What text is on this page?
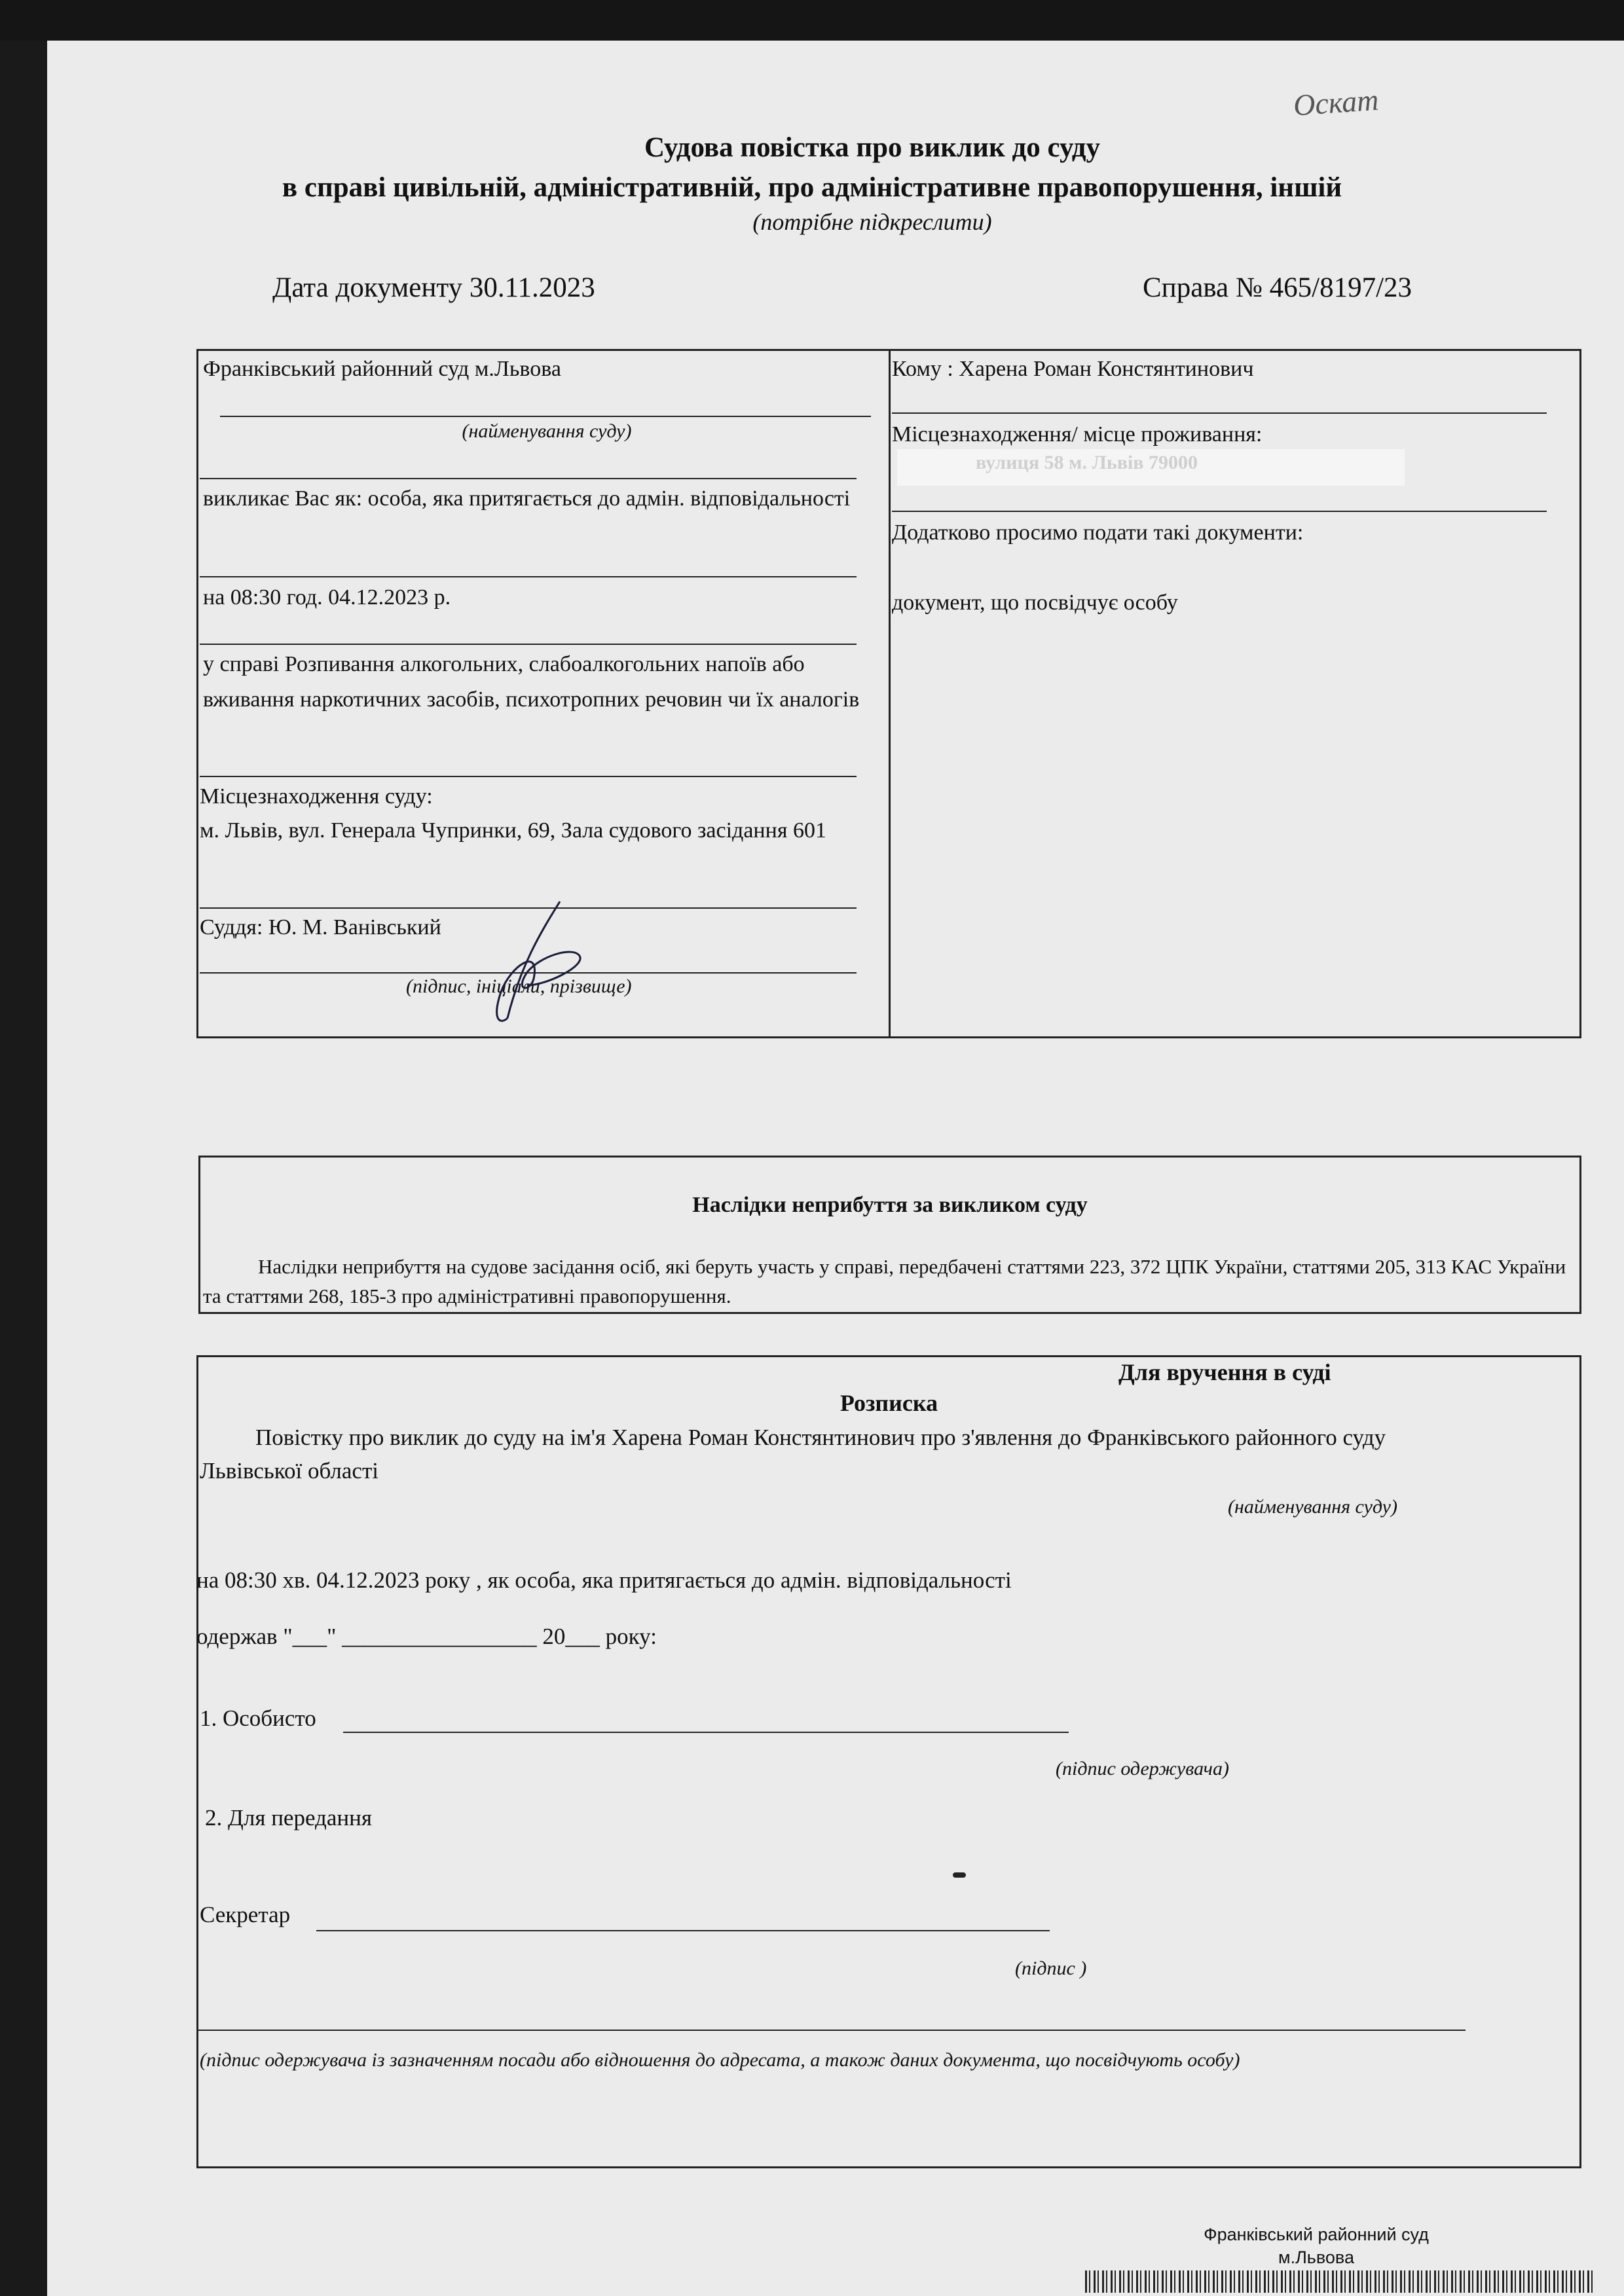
Оскат
Судова повістка про виклик до суду
в справі цивільній, адміністративній, про адміністративне правопорушення, іншій
(потрібне підкреслити)
Дата документу 30.11.2023	Справа № 465/8197/23
Франківський районний суд м.Львова
(найменування суду)
викликає Вас як: особа, яка притягається до адмін. відповідальності
на 08:30 год. 04.12.2023 р.
у справі Розпивання алкогольних, слабоалкогольних напоїв або вживання наркотичних засобів, психотропних речовин чи їх аналогів
Місцезнаходження суду:
м. Львів, вул. Генерала Чупринки, 69, Зала судового засідання 601
Суддя: Ю. М. Ванівський
(підпис, ініціали, прізвище)
Кому : Харена Роман Констянтинович
Місцезнаходження/ місце проживання:
вулиця 58 м. Львів 79000
Додатково просимо подати такі документи:
документ, що посвідчує особу
Наслідки неприбуття за викликом суду
Наслідки неприбуття на судове засідання осіб, які беруть участь у справі, передбачені статтями 223, 372 ЦПК України, статтями 205, 313 КАС України та статтями 268, 185-3 про адміністративні правопорушення.
Для вручення в суді
Розписка
Повістку про виклик до суду на ім'я Харена Роман Констянтинович про з'явлення до Франківського районного суду Львівської області
(найменування суду)
на 08:30 хв. 04.12.2023 року , як особа, яка притягається до адмін. відповідальності
одержав "___" _________________ 20___ року:
1. Особисто
(підпис одержувача)
2. Для передання
Секретар
(підпис )
(підпис одержувача із зазначенням посади або відношення до адресата, а також даних документа, що посвідчують особу)
Франківський районний суд
м.Львова
